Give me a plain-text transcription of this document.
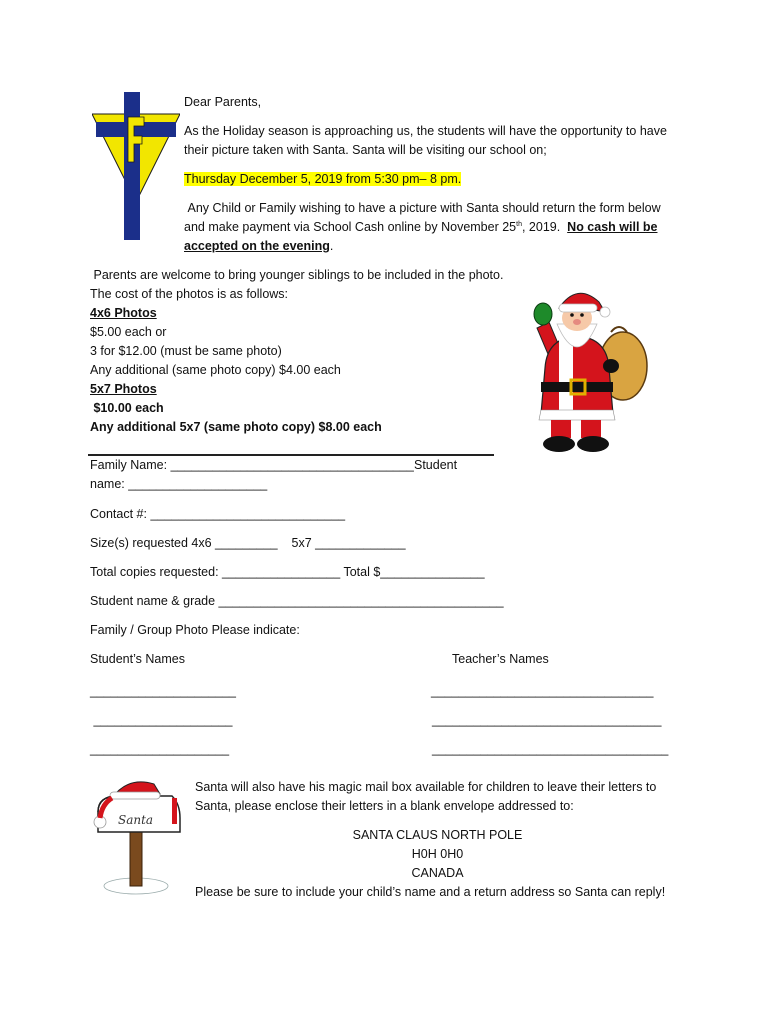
Dear Parents,
As the Holiday season is approaching us, the students will have the opportunity to have their picture taken with Santa. Santa will be visiting our school on;
Thursday December 5, 2019 from 5:30 pm– 8 pm.
Any Child or Family wishing to have a picture with Santa should return the form below and make payment via School Cash online by November 25th, 2019. No cash will be accepted on the evening.
Parents are welcome to bring younger siblings to be included in the photo.
The cost of the photos is as follows:
4x6 Photos
$5.00 each or
3 for $12.00 (must be same photo)
Any additional (same photo copy) $4.00 each
5x7 Photos
$10.00 each
Any additional 5x7 (same photo copy) $8.00 each
Family Name: ___________________________________ Student
name: ____________________
Contact #: ____________________________
Size(s) requested 4x6 _________    5x7 _____________
Total copies requested: _________________ Total $_______________
Student name & grade _________________________________________
Family / Group Photo Please indicate:
Student’s Names	Teacher’s Names
_____________________
____________________
____________________
________________________________
_________________________________
__________________________________
Santa
Santa will also have his magic mail box available for children to leave their letters to Santa, please enclose their letters in a blank envelope addressed to:
SANTA CLAUS NORTH POLE
H0H 0H0
CANADA
Please be sure to include your child’s name and a return address so Santa can reply!
